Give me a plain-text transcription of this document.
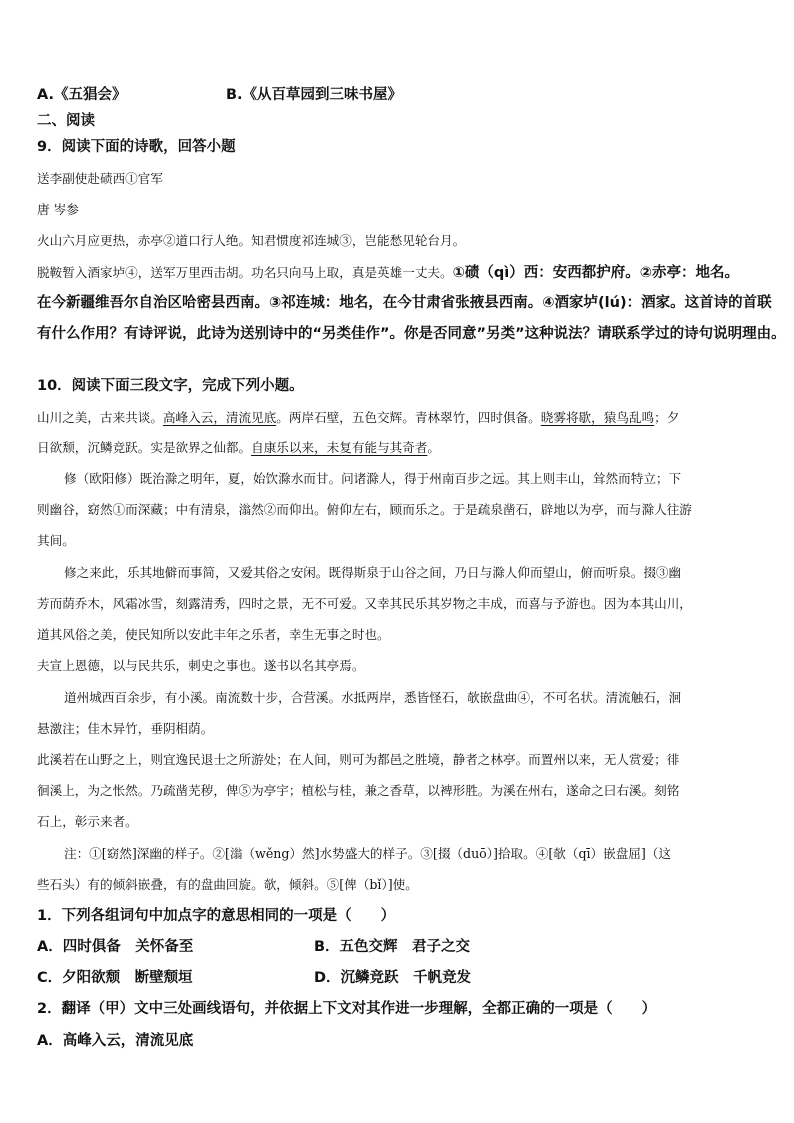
A.《五猖会》	B.《从百草园到三味书屋》
二、阅读
9．阅读下面的诗歌，回答小题
送李副使赴碛西①官军
唐 岑参
火山六月应更热，赤亭②道口行人绝。知君惯度祁连城③，岂能愁见轮台月。
脱鞍暂入酒家垆④，送军万里西击胡。功名只向马上取，真是英雄一丈夫。①碛（qì）西：安西都护府。②赤亭：地名。
在今新疆维吾尔自治区哈密县西南。③祁连城：地名，在今甘肃省张掖县西南。④酒家垆(lú)：酒家。这首诗的首联
有什么作用？有诗评说，此诗为送别诗中的“另类佳作”。你是否同意”另类”这种说法？请联系学过的诗句说明理由。
10．阅读下面三段文字，完成下列小题。
山川之美，古来共谈。高峰入云，清流见底。两岸石壁，五色交辉。青林翠竹，四时俱备。晓雾将歇，猿鸟乱鸣；夕
日欲颓，沉鳞竞跃。实是欲界之仙都。自康乐以来，未复有能与其奇者。
修（欧阳修）既治滁之明年，夏，始饮滁水而甘。问诸滁人，得于州南百步之远。其上则丰山，耸然而特立；下
则幽谷，窈然①而深藏；中有清泉，滃然②而仰出。俯仰左右，顾而乐之。于是疏泉凿石，辟地以为亭，而与滁人往游
其间。
修之来此，乐其地僻而事简，又爱其俗之安闲。既得斯泉于山谷之间，乃日与滁人仰而望山，俯而听泉。掇③幽
芳而荫乔木，风霜冰雪，刻露清秀，四时之景，无不可爱。又幸其民乐其岁物之丰成，而喜与予游也。因为本其山川，
道其风俗之美，使民知所以安此丰年之乐者，幸生无事之时也。
夫宣上恩德，以与民共乐，刺史之事也。遂书以名其亭焉。
道州城西百余步，有小溪。南流数十步，合营溪。水抵两岸，悉皆怪石，欹嵌盘曲④，不可名状。清流触石，洄
悬激注；佳木异竹，垂阴相荫。
此溪若在山野之上，则宜逸民退士之所游处；在人间，则可为都邑之胜境，静者之林亭。而置州以来，无人赏爱；徘
徊溪上，为之怅然。乃疏凿芜秽，俾⑤为亭宇；植松与桂，兼之香草，以裨形胜。为溪在州右，遂命之曰右溪。刻铭
石上，彰示来者。
注：①[窈然]深幽的样子。②[滃（wěng）然]水势盛大的样子。③[掇（duō）]拾取。④[欹（qī）嵌盘屈]（这
些石头）有的倾斜嵌叠，有的盘曲回旋。欹，倾斜。⑤[俾（bǐ）]使。
1．下列各组词句中加点字的意思相同的一项是（　　）
A．四时俱备　关怀备至	B．五色交辉　君子之交
C．夕阳欲颓　断壁颓垣	D．沉鳞竞跃　千帆竞发
2．翻译（甲）文中三处画线语句，并依据上下文对其作进一步理解，全都正确的一项是（　　）
A．高峰入云，清流见底
